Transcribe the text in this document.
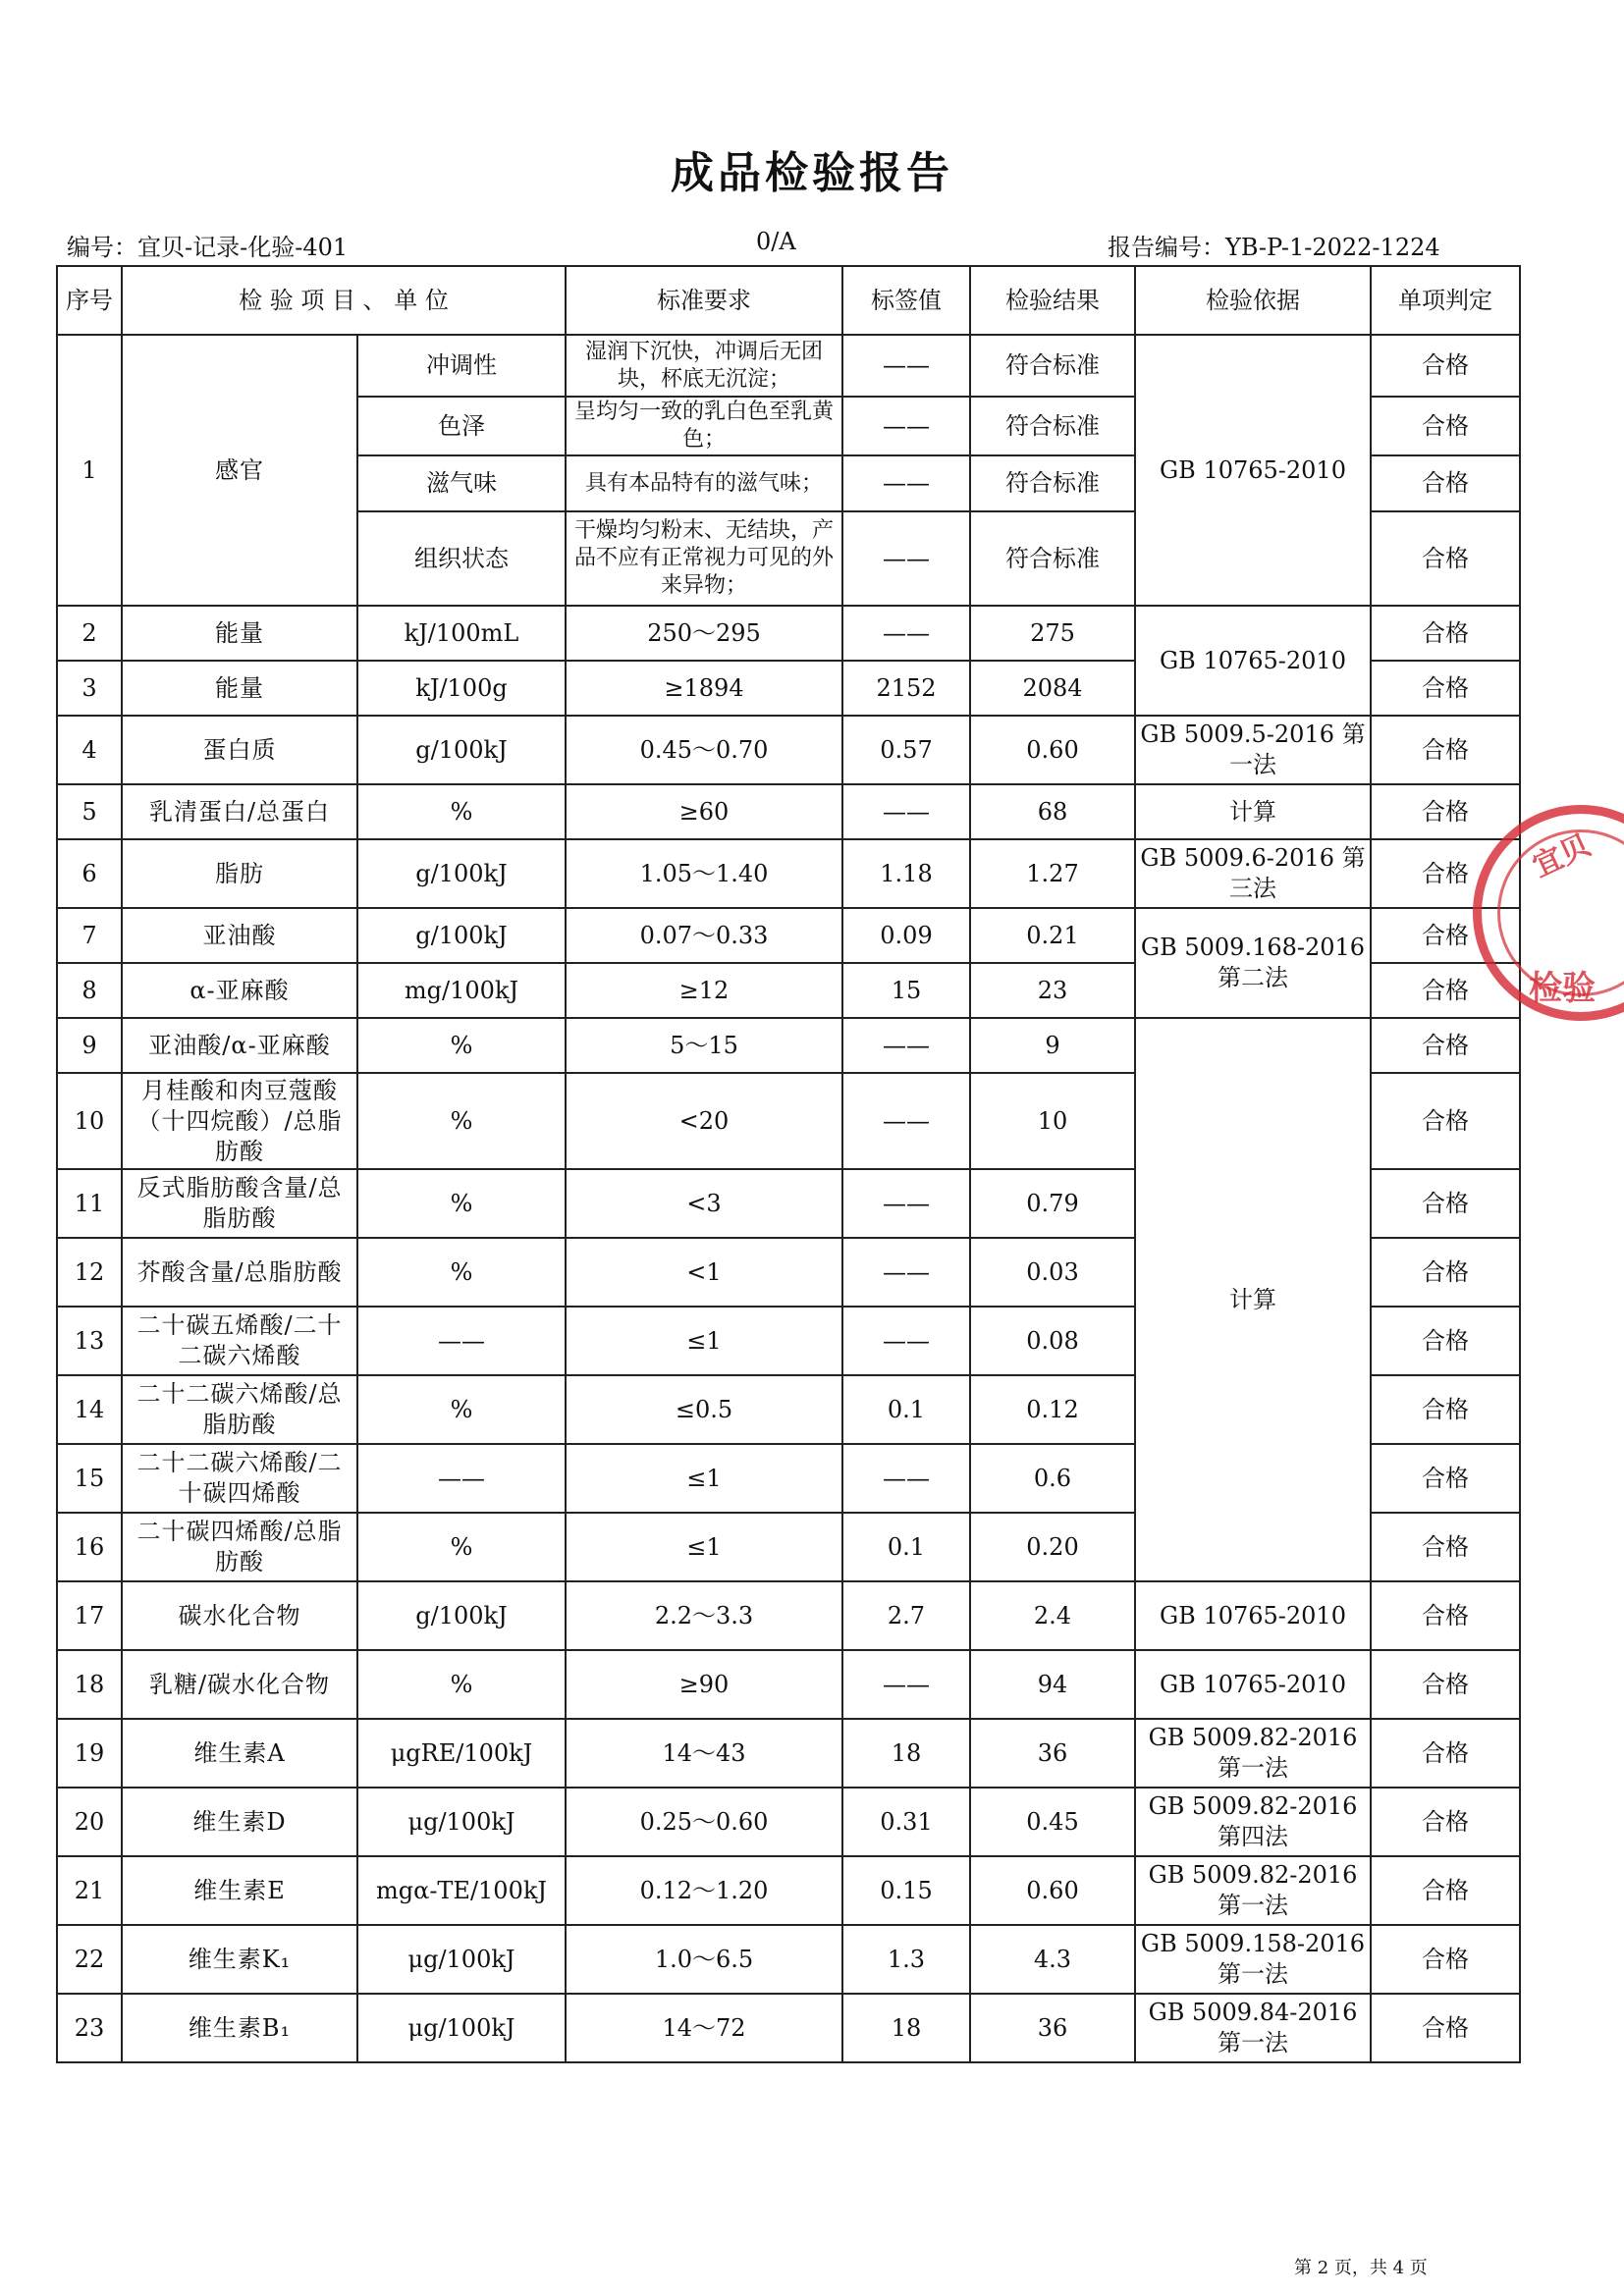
成品检验报告
编号：宜贝-记录-化验-401	0/A	报告编号：YB-P-1-2022-1224
序号	检 验 项 目 、 单 位		标准要求	标签值	检验结果	检验依据	单项判定
1	感官	冲调性	湿润下沉快，冲调后无团块，杯底无沉淀；	——	符合标准	GB 10765-2010	合格
		色泽	呈均匀一致的乳白色至乳黄色；	——	符合标准		合格
		滋气味	具有本品特有的滋气味；	——	符合标准		合格
		组织状态	干燥均匀粉末、无结块，产品不应有正常视力可见的外来异物；	——	符合标准		合格
2	能量	kJ/100mL	250～295	——	275	GB 10765-2010	合格
3	能量	kJ/100g	≥1894	2152	2084		合格
4	蛋白质	g/100kJ	0.45～0.70	0.57	0.60	GB 5009.5-2016 第一法	合格
5	乳清蛋白/总蛋白	%	≥60	——	68	计算	合格
6	脂肪	g/100kJ	1.05～1.40	1.18	1.27	GB 5009.6-2016 第三法	合格
7	亚油酸	g/100kJ	0.07～0.33	0.09	0.21	GB 5009.168-2016 第二法	合格
8	α-亚麻酸	mg/100kJ	≥12	15	23		合格
9	亚油酸/α-亚麻酸	%	5～15	——	9	计算	合格
10	月桂酸和肉豆蔻酸（十四烷酸）/总脂肪酸	%	<20	——	10		合格
11	反式脂肪酸含量/总脂肪酸	%	<3	——	0.79		合格
12	芥酸含量/总脂肪酸	%	<1	——	0.03		合格
13	二十碳五烯酸/二十二碳六烯酸	——	≤1	——	0.08		合格
14	二十二碳六烯酸/总脂肪酸	%	≤0.5	0.1	0.12		合格
15	二十二碳六烯酸/二十碳四烯酸	——	≤1	——	0.6		合格
16	二十碳四烯酸/总脂肪酸	%	≤1	0.1	0.20		合格
17	碳水化合物	g/100kJ	2.2～3.3	2.7	2.4	GB 10765-2010	合格
18	乳糖/碳水化合物	%	≥90	——	94	GB 10765-2010	合格
19	维生素A	μgRE/100kJ	14～43	18	36	GB 5009.82-2016 第一法	合格
20	维生素D	μg/100kJ	0.25～0.60	0.31	0.45	GB 5009.82-2016 第四法	合格
21	维生素E	mgα-TE/100kJ	0.12～1.20	0.15	0.60	GB 5009.82-2016 第一法	合格
22	维生素K₁	μg/100kJ	1.0～6.5	1.3	4.3	GB 5009.158-2016 第一法	合格
23	维生素B₁	μg/100kJ	14～72	18	36	GB 5009.84-2016 第一法	合格
宜贝
检验
第 2 页，共 4 页
